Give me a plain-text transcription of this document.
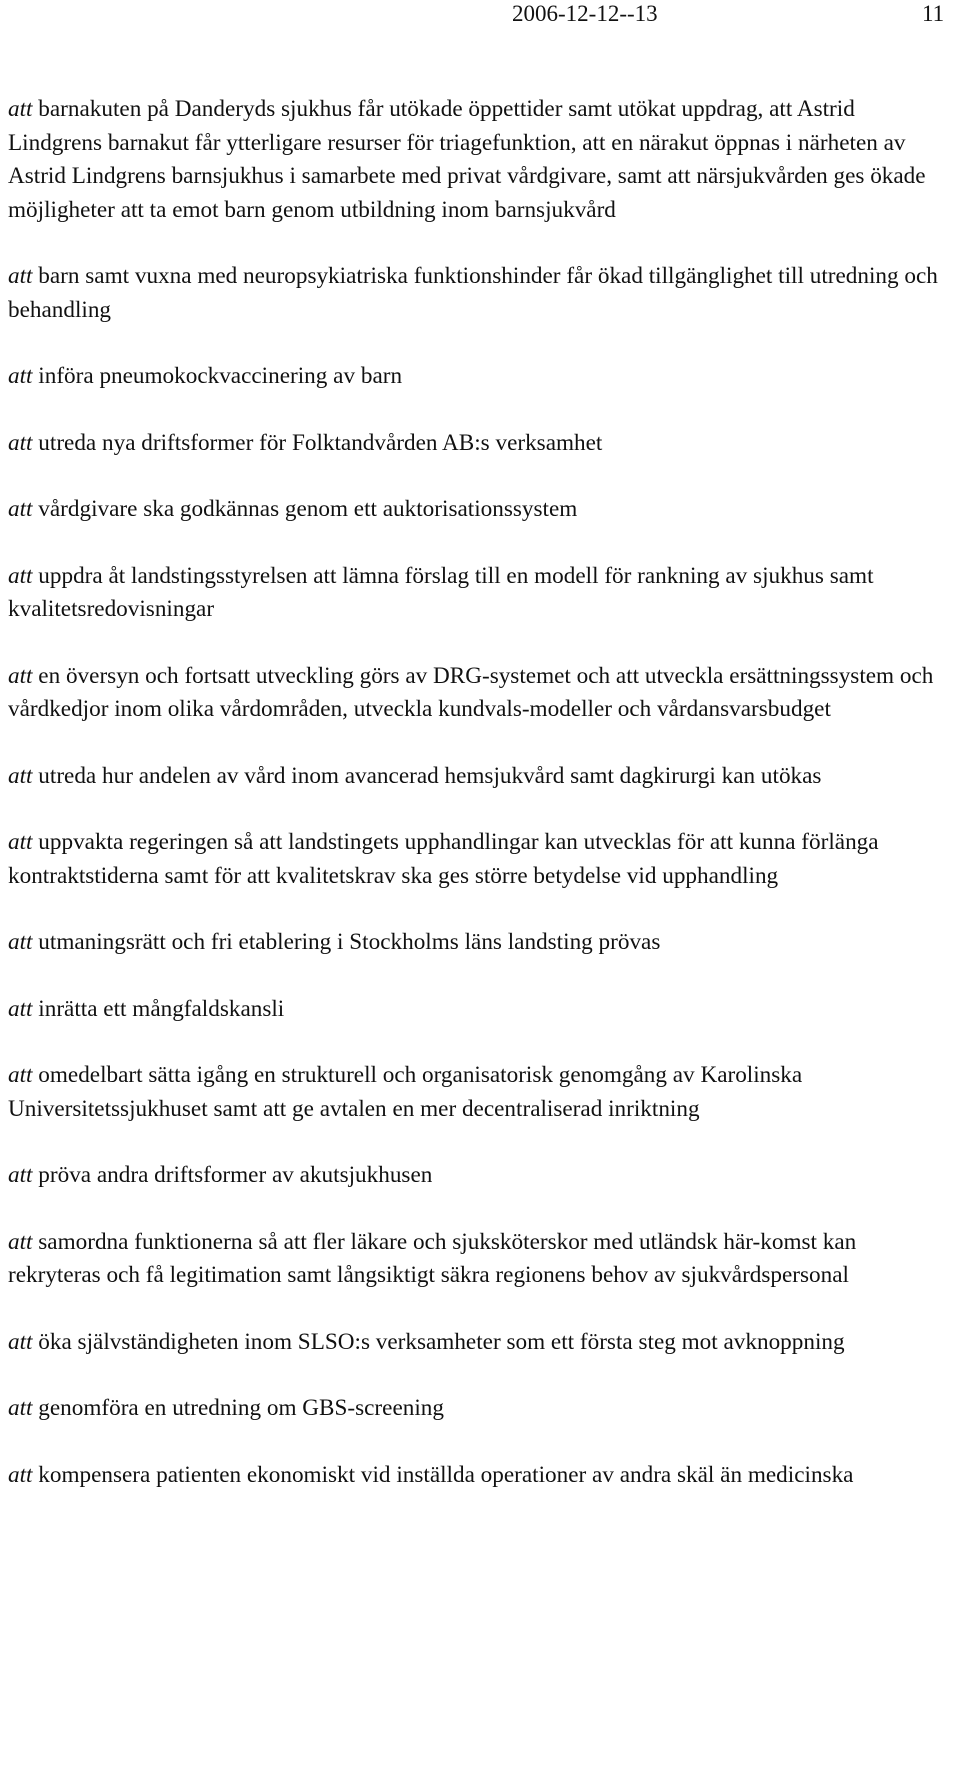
2006-12-12--13	11

att barnakuten på Danderyds sjukhus får utökade öppettider samt utökat uppdrag, att Astrid Lindgrens barnakut får ytterligare resurser för triagefunktion, att en närakut öppnas i närheten av Astrid Lindgrens barnsjukhus i samarbete med privat vårdgivare, samt att närsjukvården ges ökade möjligheter att ta emot barn genom utbildning inom barnsjukvård

att barn samt vuxna med neuropsykiatriska funktionshinder får ökad tillgänglighet till utredning och behandling

att införa pneumokockvaccinering av barn

att utreda nya driftsformer för Folktandvården AB:s verksamhet

att vårdgivare ska godkännas genom ett auktorisationssystem

att uppdra åt landstingsstyrelsen att lämna förslag till en modell för rankning av sjukhus samt kvalitetsredovisningar

att en översyn och fortsatt utveckling görs av DRG-systemet och att utveckla ersättningssystem och vårdkedjor inom olika vårdområden, utveckla kundvals-modeller och vårdansvarsbudget

att utreda hur andelen av vård inom avancerad hemsjukvård samt dagkirurgi kan utökas

att uppvakta regeringen så att landstingets upphandlingar kan utvecklas för att kunna förlänga kontraktstiderna samt för att kvalitetskrav ska ges större betydelse vid upphandling

att utmaningsrätt och fri etablering i Stockholms läns landsting prövas

att inrätta ett mångfaldskansli

att omedelbart sätta igång en strukturell och organisatorisk genomgång av Karolinska Universitetssjukhuset samt att ge avtalen en mer decentraliserad inriktning

att pröva andra driftsformer av akutsjukhusen

att samordna funktionerna så att fler läkare och sjuksköterskor med utländsk här-komst kan rekryteras och få legitimation samt långsiktigt säkra regionens behov av sjukvårdspersonal

att öka självständigheten inom SLSO:s verksamheter som ett första steg mot avknoppning

att genomföra en utredning om GBS-screening

att kompensera patienten ekonomiskt vid inställda operationer av andra skäl än medicinska
